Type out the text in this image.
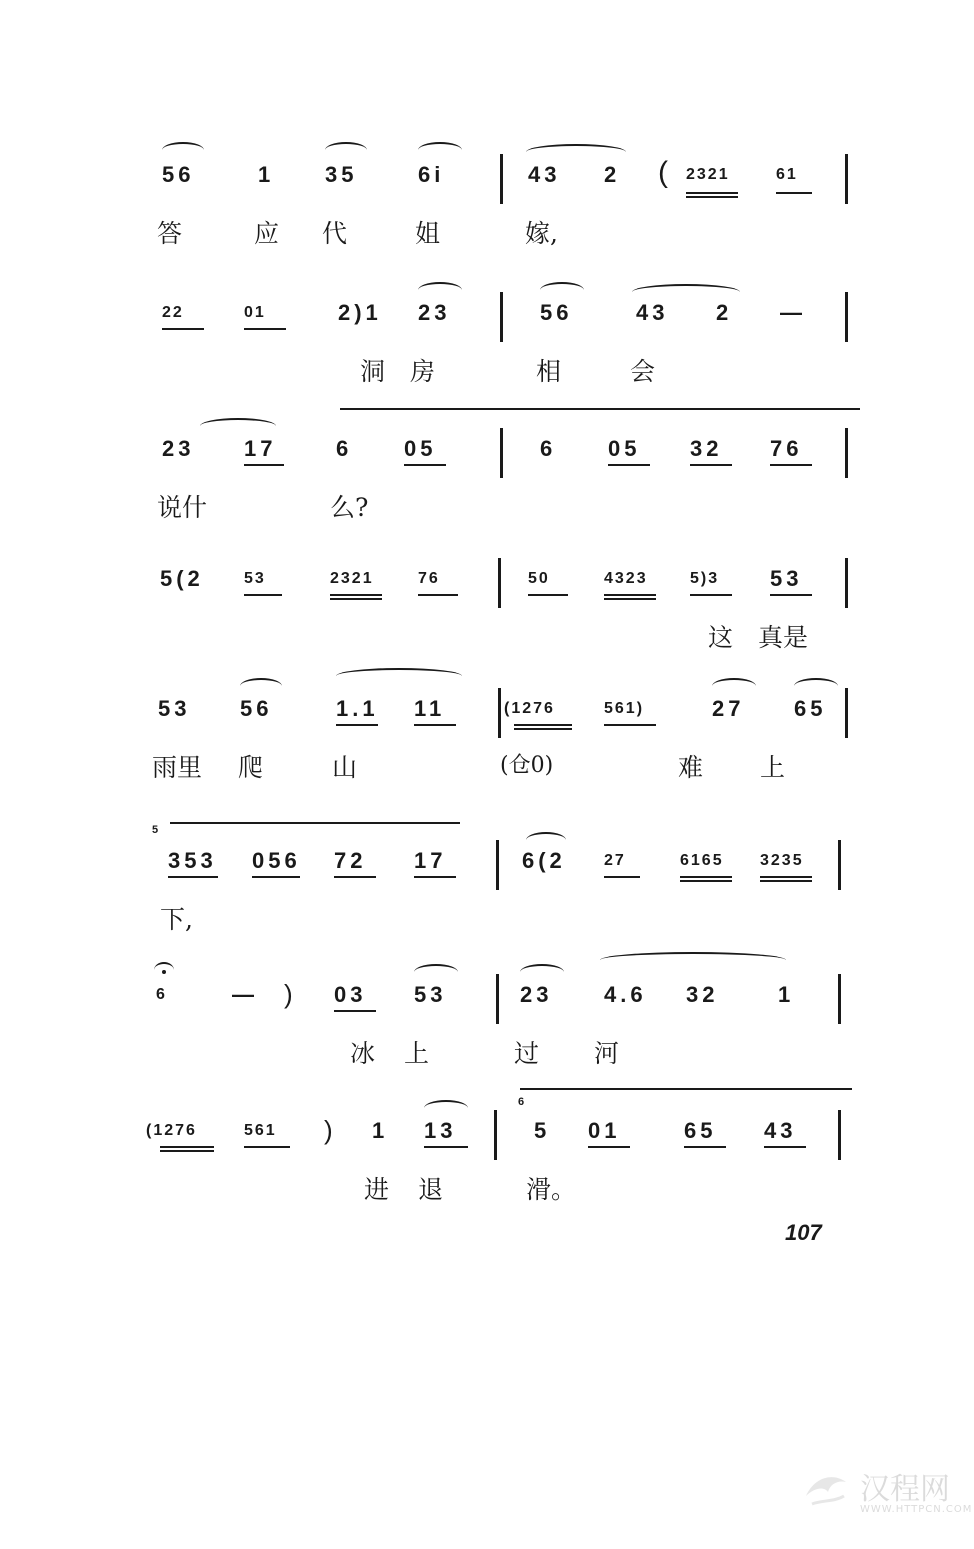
56	1 35	6i	43 2 ( 2321	61
答	应 代	姐	嫁,
22	01	2)1 23	56	43 2 —
洞 房	相	会
23 17	6 05	6 05 32 76
说什	么?
5(2	53	2321	76	50	4323	5)3 53
这 真是
53 56	1.1 11	(1276	561)	27 65
雨里 爬	山	(仓0)	难 上
5
353 056 72 17	6(2 27	6165 3235
下,
6	— ) 03 53	23 4.6 32	1
冰 上	过 河
(1276	561 ) 1 13
6
5 01	65 43
进 退	滑。
107
汉程网
WWW.HTTPCN.COM
